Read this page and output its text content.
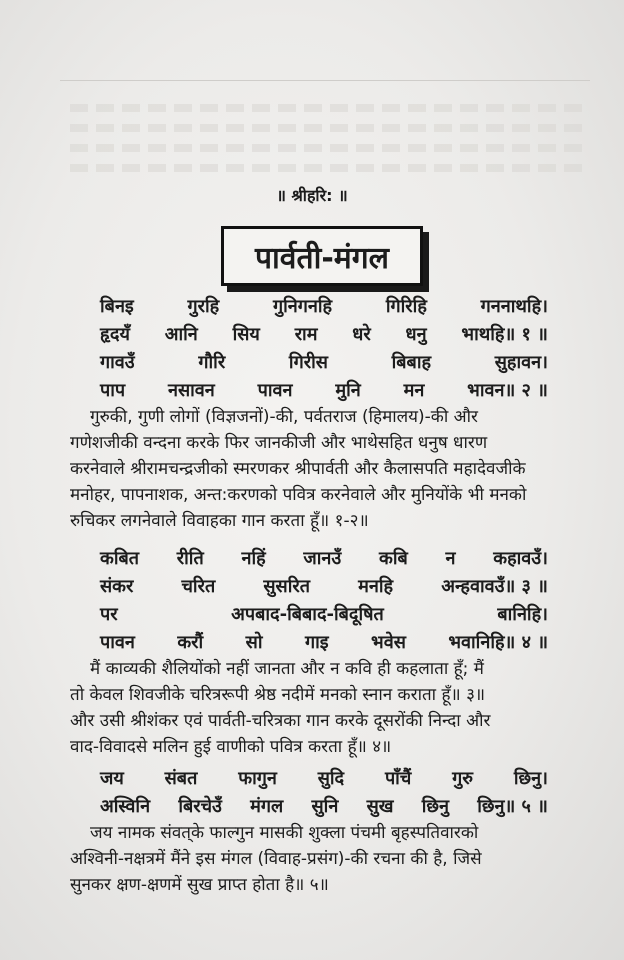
॥ श्रीहरि: ॥
पार्वती-मंगल
बिनइ	गुरहि	गुनिगनहि	गिरिहि	गननाथहि।
हृदयँ आनि सिय राम धरे धनु भाथहि॥ १ ॥
गावउँ	गौरि	गिरीस	बिबाह	सुहावन।
पाप नसावन पावन मुनि मन भावन॥ २ ॥
गुरुकी, गुणी लोगों (विज्ञजनों)-की, पर्वतराज (हिमालय)-की और
गणेशजीकी वन्दना करके फिर जानकीजी और भाथेसहित धनुष धारण
करनेवाले श्रीरामचन्द्रजीको स्मरणकर श्रीपार्वती और कैलासपति महादेवजीके
मनोहर, पापनाशक, अन्त:करणको पवित्र करनेवाले और मुनियोंके भी मनको
रुचिकर लगनेवाले विवाहका गान करता हूँ॥ १-२॥
कबित रीति नहिं जानउँ कबि न कहावउँ।
संकर	चरित	सुसरित	मनहि	अन्हवावउँ॥ ३ ॥
पर	अपबाद-बिबाद-बिदूषित	बानिहि।
पावन करौं सो गाइ भवेस भवानिहि॥ ४ ॥
मैं काव्यकी शैलियोंको नहीं जानता और न कवि ही कहलाता हूँ; मैं
तो केवल शिवजीके चरित्ररूपी श्रेष्ठ नदीमें मनको स्नान कराता हूँ॥ ३॥
और उसी श्रीशंकर एवं पार्वती-चरित्रका गान करके दूसरोंकी निन्दा और
वाद-विवादसे मलिन हुई वाणीको पवित्र करता हूँ॥ ४॥
जय संबत फागुन सुदि पाँचैं गुरु छिनु।
अस्विनि बिरचेउँ मंगल सुनि सुख छिनु छिनु॥ ५ ॥
जय नामक संवत्‌के फाल्गुन मासकी शुक्ला पंचमी बृहस्पतिवारको
अश्विनी-नक्षत्रमें मैंने इस मंगल (विवाह-प्रसंग)-की रचना की है, जिसे
सुनकर क्षण-क्षणमें सुख प्राप्त होता है॥ ५॥
